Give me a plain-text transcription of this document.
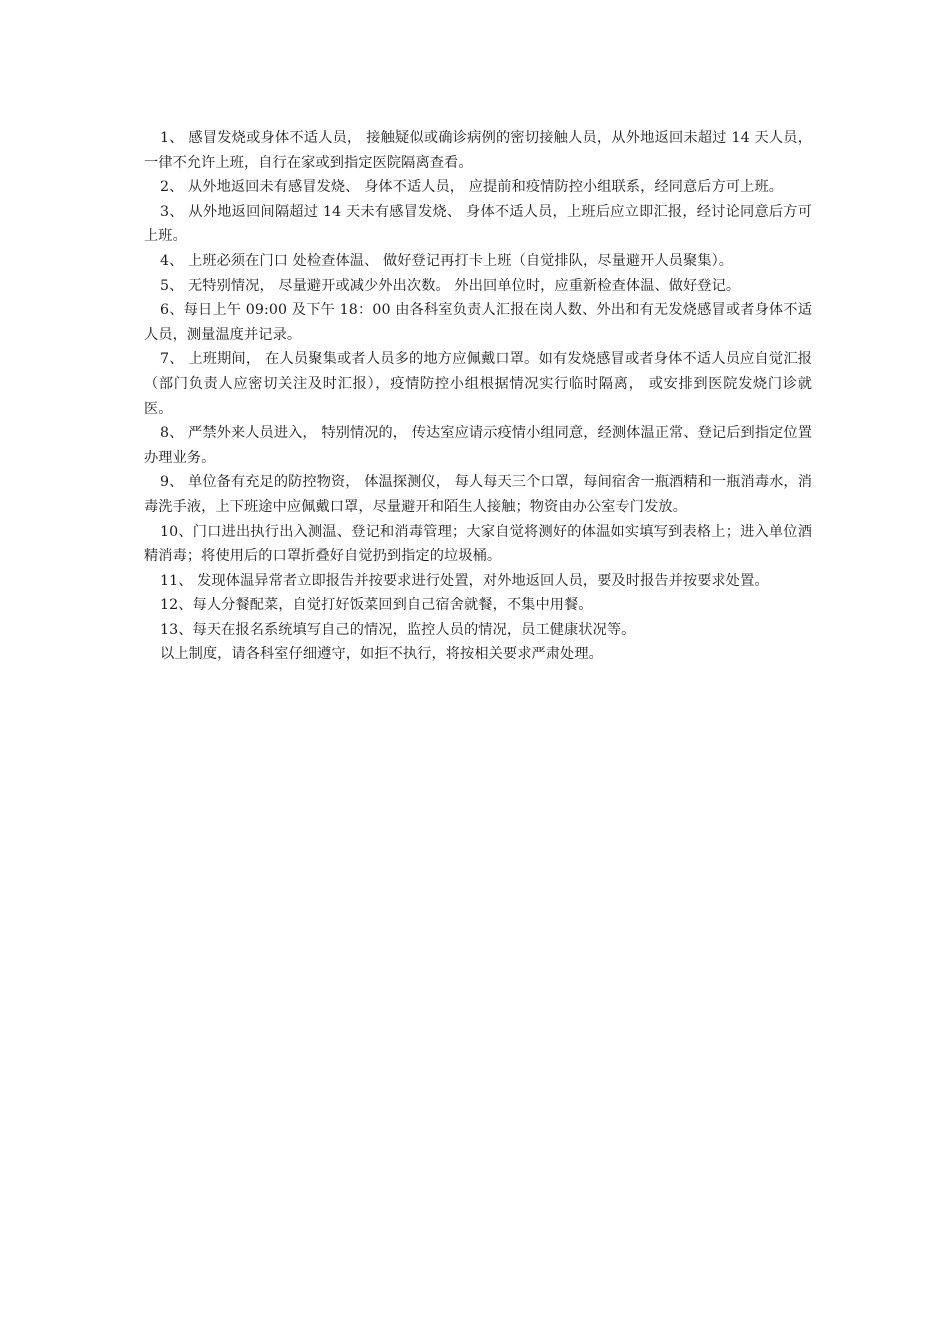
1、 感冒发烧或身体不适人员， 接触疑似或确诊病例的密切接触人员，从外地返回未超过 14 天人员，一律不允许上班，自行在家或到指定医院隔离查看。

2、 从外地返回未有感冒发烧、 身体不适人员， 应提前和疫情防控小组联系，经同意后方可上班。

3、 从外地返回间隔超过 14 天未有感冒发烧、 身体不适人员，上班后应立即汇报，经讨论同意后方可上班。

4、 上班必须在门口 处检查体温、 做好登记再打卡上班（自觉排队，尽量避开人员聚集）。

5、 无特别情况， 尽量避开或减少外出次数。 外出回单位时，应重新检查体温、做好登记。

6、每日上午 09:00 及下午 18：00 由各科室负责人汇报在岗人数、外出和有无发烧感冒或者身体不适人员，测量温度并记录。

7、 上班期间， 在人员聚集或者人员多的地方应佩戴口罩。如有发烧感冒或者身体不适人员应自觉汇报（部门负责人应密切关注及时汇报），疫情防控小组根据情况实行临时隔离， 或安排到医院发烧门诊就医。

8、 严禁外来人员进入， 特别情况的， 传达室应请示疫情小组同意，经测体温正常、登记后到指定位置办理业务。

9、 单位备有充足的防控物资， 体温探测仪， 每人每天三个口罩，每间宿舍一瓶酒精和一瓶消毒水，消毒洗手液，上下班途中应佩戴口罩，尽量避开和陌生人接触；物资由办公室专门发放。

10、门口进出执行出入测温、登记和消毒管理；大家自觉将测好的体温如实填写到表格上；进入单位酒精消毒；将使用后的口罩折叠好自觉扔到指定的垃圾桶。

11、 发现体温异常者立即报告并按要求进行处置，对外地返回人员，要及时报告并按要求处置。

12、每人分餐配菜，自觉打好饭菜回到自己宿舍就餐，不集中用餐。

13、每天在报名系统填写自己的情况，监控人员的情况，员工健康状况等。

以上制度，请各科室仔细遵守，如拒不执行，将按相关要求严肃处理。
